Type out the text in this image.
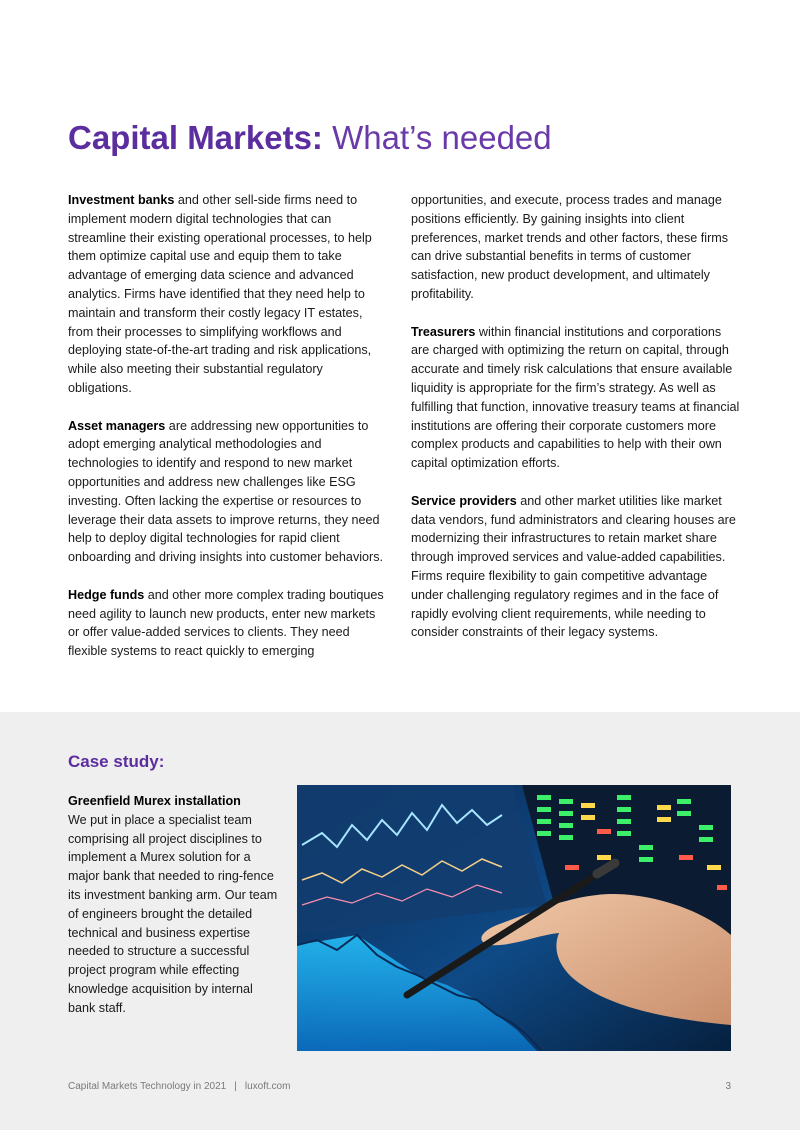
Capital Markets: What’s needed

Investment banks and other sell-side firms need to implement modern digital technologies that can streamline their existing operational processes, to help them optimize capital use and equip them to take advantage of emerging data science and advanced analytics. Firms have identified that they need help to maintain and transform their costly legacy IT estates, from their processes to simplifying workflows and deploying state-of-the-art trading and risk applications, while also meeting their substantial regulatory obligations.

Asset managers are addressing new opportunities to adopt emerging analytical methodologies and technologies to identify and respond to new market opportunities and address new challenges like ESG investing. Often lacking the expertise or resources to leverage their data assets to improve returns, they need help to deploy digital technologies for rapid client onboarding and driving insights into customer behaviors.

Hedge funds and other more complex trading boutiques need agility to launch new products, enter new markets or offer value-added services to clients. They need flexible systems to react quickly to emerging

opportunities, and execute, process trades and manage positions efficiently. By gaining insights into client preferences, market trends and other factors, these firms can drive substantial benefits in terms of customer satisfaction, new product development, and ultimately profitability.

Treasurers within financial institutions and corporations are charged with optimizing the return on capital, through accurate and timely risk calculations that ensure available liquidity is appropriate for the firm’s strategy. As well as fulfilling that function, innovative treasury teams at financial institutions are offering their corporate customers more complex products and capabilities to help with their own capital optimization efforts.

Service providers and other market utilities like market data vendors, fund administrators and clearing houses are modernizing their infrastructures to retain market share through improved services and value-added capabilities. Firms require flexibility to gain competitive advantage under challenging regulatory regimes and in the face of rapidly evolving client requirements, while needing to consider constraints of their legacy systems.

Case study:
Greenfield Murex installation
We put in place a specialist team comprising all project disciplines to implement a Murex solution for a major bank that needed to ring-fence its investment banking arm. Our team of engineers brought the detailed technical and business expertise needed to structure a successful project program while effecting knowledge acquisition by internal bank staff.
Capital Markets Technology in 2021 | luxoft.com	3
